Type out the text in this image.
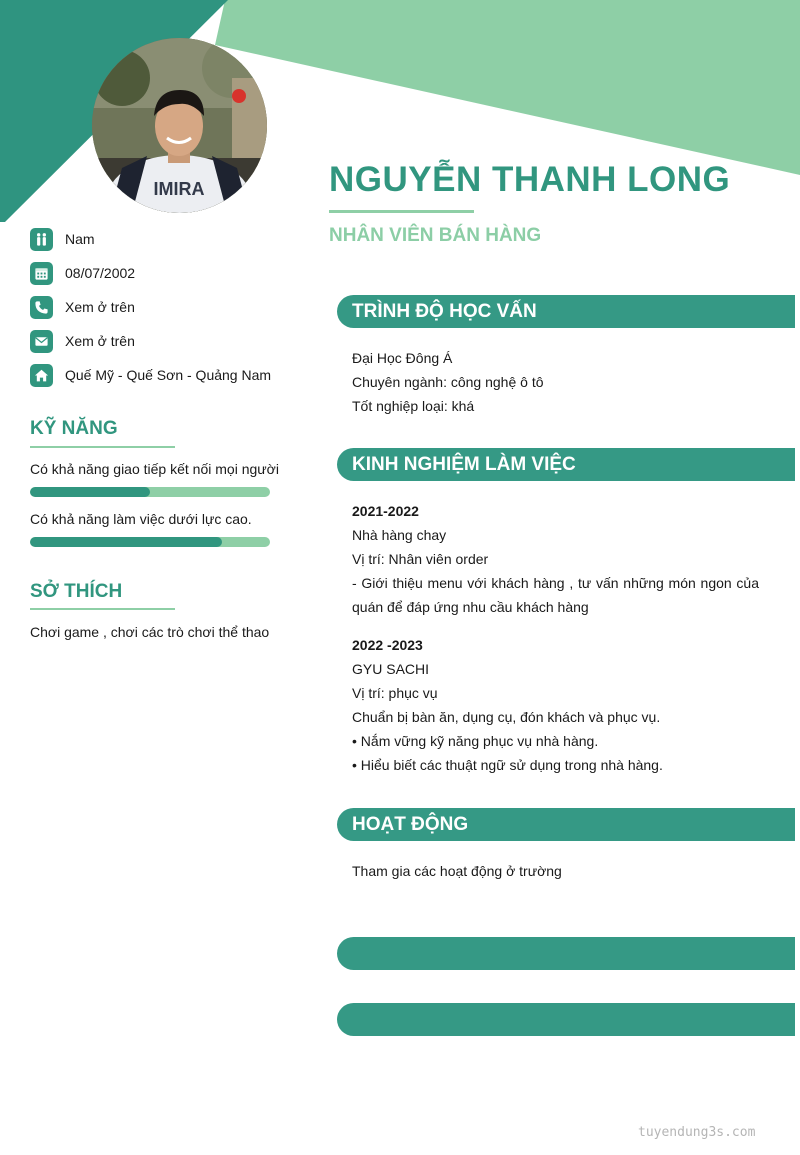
IMIRA	NGUYỄN THANH LONG
NHÂN VIÊN BÁN HÀNG
Nam
08/07/2002
Xem ở trên
Xem ở trên
Quế Mỹ - Quế Sơn - Quảng Nam
KỸ NĂNG
Có khả năng giao tiếp kết nối mọi người
Có khả năng làm việc dưới lực cao.
SỞ THÍCH
Chơi game , chơi các trò chơi thể thao
TRÌNH ĐỘ HỌC VẤN

Đại Học Đông Á

Chuyên ngành: công nghệ ô tô

Tốt nghiệp loại: khá

KINH NGHIỆM LÀM VIỆC

2021-2022

Nhà hàng chay

Vị trí: Nhân viên order

- Giới thiệu menu với khách hàng , tư vấn những món ngon của quán để đáp ứng nhu cầu khách hàng

2022 -2023

GYU SACHI

Vị trí: phục vụ

Chuẩn bị bàn ăn, dụng cụ, đón khách và phục vụ.

• Nắm vững kỹ năng phục vụ nhà hàng.

• Hiểu biết các thuật ngữ sử dụng trong nhà hàng.

HOẠT ĐỘNG

Tham gia các hoạt động ở trường

tuyendung3s.com
